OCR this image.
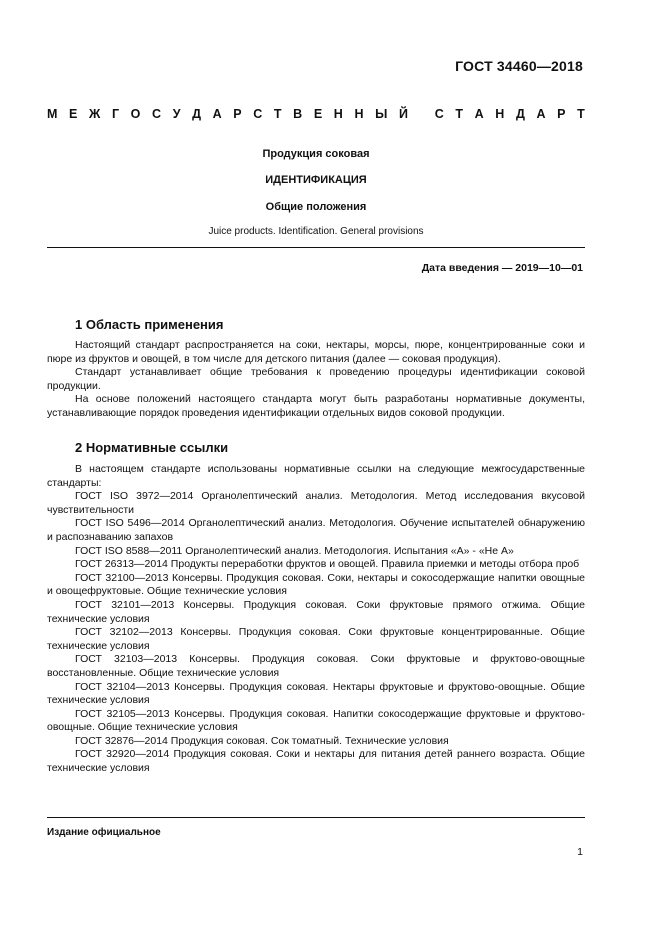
ГОСТ 34460—2018
М Е Ж Г О С У Д А Р С Т В Е Н Н Ы Й
С Т А Н Д А Р Т
Продукция соковая
ИДЕНТИФИКАЦИЯ
Общие положения
Juice products. Identification. General provisions
Дата введения — 2019—10—01
1 Область применения

Настоящий стандарт распространяется на соки, нектары, морсы, пюре, концентрированные соки и пюре из фруктов и овощей, в том числе для детского питания (далее — соковая продукция).

Стандарт устанавливает общие требования к проведению процедуры идентификации соковой продукции.

На основе положений настоящего стандарта могут быть разработаны нормативные документы, устанавливающие порядок проведения идентификации отдельных видов соковой продукции.

2 Нормативные ссылки

В настоящем стандарте использованы нормативные ссылки на следующие межгосударственные стандарты:

ГОСТ ISO 3972—2014 Органолептический анализ. Методология. Метод исследования вкусовой чувствительности

ГОСТ ISO 5496—2014 Органолептический анализ. Методология. Обучение испытателей обнаружению и распознаванию запахов

ГОСТ ISO 8588—2011 Органолептический анализ. Методология. Испытания «А» - «Не А»

ГОСТ 26313—2014 Продукты переработки фруктов и овощей. Правила приемки и методы отбора проб

ГОСТ 32100—2013 Консервы. Продукция соковая. Соки, нектары и сокосодержащие напитки овощные и овощефруктовые. Общие технические условия

ГОСТ 32101—2013 Консервы. Продукция соковая. Соки фруктовые прямого отжима. Общие технические условия

ГОСТ 32102—2013 Консервы. Продукция соковая. Соки фруктовые концентрированные. Общие технические условия

ГОСТ 32103—2013 Консервы. Продукция соковая. Соки фруктовые и фруктово-овощные восстановленные. Общие технические условия

ГОСТ 32104—2013 Консервы. Продукция соковая. Нектары фруктовые и фруктово-овощные. Общие технические условия

ГОСТ 32105—2013 Консервы. Продукция соковая. Напитки сокосодержащие фруктовые и фруктово-овощные. Общие технические условия

ГОСТ 32876—2014 Продукция соковая. Сок томатный. Технические условия

ГОСТ 32920—2014 Продукция соковая. Соки и нектары для питания детей раннего возраста. Общие технические условия

Издание официальное
1
